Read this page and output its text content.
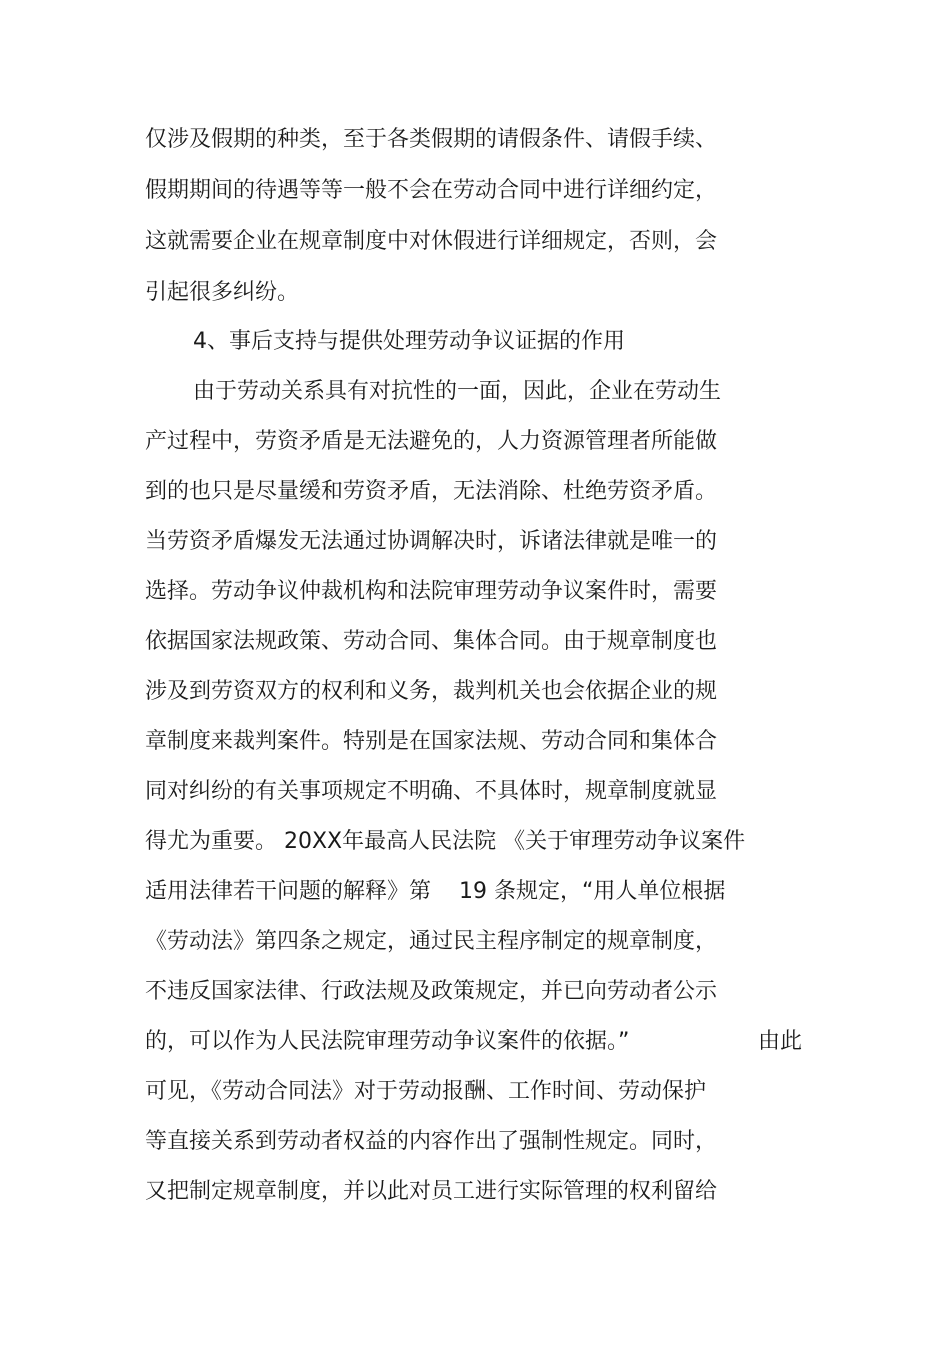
仅涉及假期的种类，至于各类假期的请假条件、请假手续、
假期期间的待遇等等一般不会在劳动合同中进行详细约定，
这就需要企业在规章制度中对休假进行详细规定，否则，会
引起很多纠纷。
4、事后支持与提供处理劳动争议证据的作用
由于劳动关系具有对抗性的一面，因此，企业在劳动生
产过程中，劳资矛盾是无法避免的，人力资源管理者所能做
到的也只是尽量缓和劳资矛盾，无法消除、杜绝劳资矛盾。
当劳资矛盾爆发无法通过协调解决时，诉诸法律就是唯一的
选择。劳动争议仲裁机构和法院审理劳动争议案件时，需要
依据国家法规政策、劳动合同、集体合同。由于规章制度也
涉及到劳资双方的权利和义务，裁判机关也会依据企业的规
章制度来裁判案件。特别是在国家法规、劳动合同和集体合
同对纠纷的有关事项规定不明确、不具体时，规章制度就显
得尤为重要。 20XX年最高人民法院 《关于审理劳动争议案件
适用法律若干问题的解释》第    19 条规定，“用人单位根据
《劳动法》第四条之规定，通过民主程序制定的规章制度，
不违反国家法律、行政法规及政策规定，并已向劳动者公示
的，可以作为人民法院审理劳动争议案件的依据。”	由此
可见，《劳动合同法》对于劳动报酬、工作时间、劳动保护
等直接关系到劳动者权益的内容作出了强制性规定。同时，
又把制定规章制度，并以此对员工进行实际管理的权利留给
